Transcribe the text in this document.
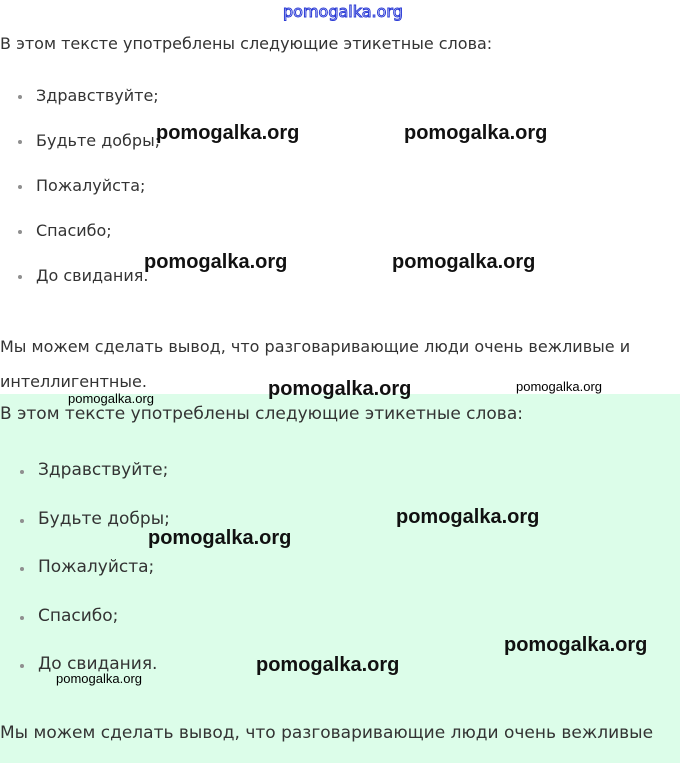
pomogalka.org
В этом тексте употреблены следующие этикетные слова:
Здравствуйте;
Будьте добры;
Пожалуйста;
Спасибо;
До свидания.
Мы можем сделать вывод, что разговаривающие люди очень вежливые и интеллигентные.
В этом тексте употреблены следующие этикетные слова:
Здравствуйте;
Будьте добры;
Пожалуйста;
Спасибо;
До свидания.
Мы можем сделать вывод, что разговаривающие люди очень вежливые
pomogalka.org	pomogalka.org
pomogalka.org	pomogalka.org
pomogalka.org	pomogalka.org
pomogalka.org
pomogalka.org
pomogalka.org
pomogalka.org
pomogalka.org
pomogalka.org
